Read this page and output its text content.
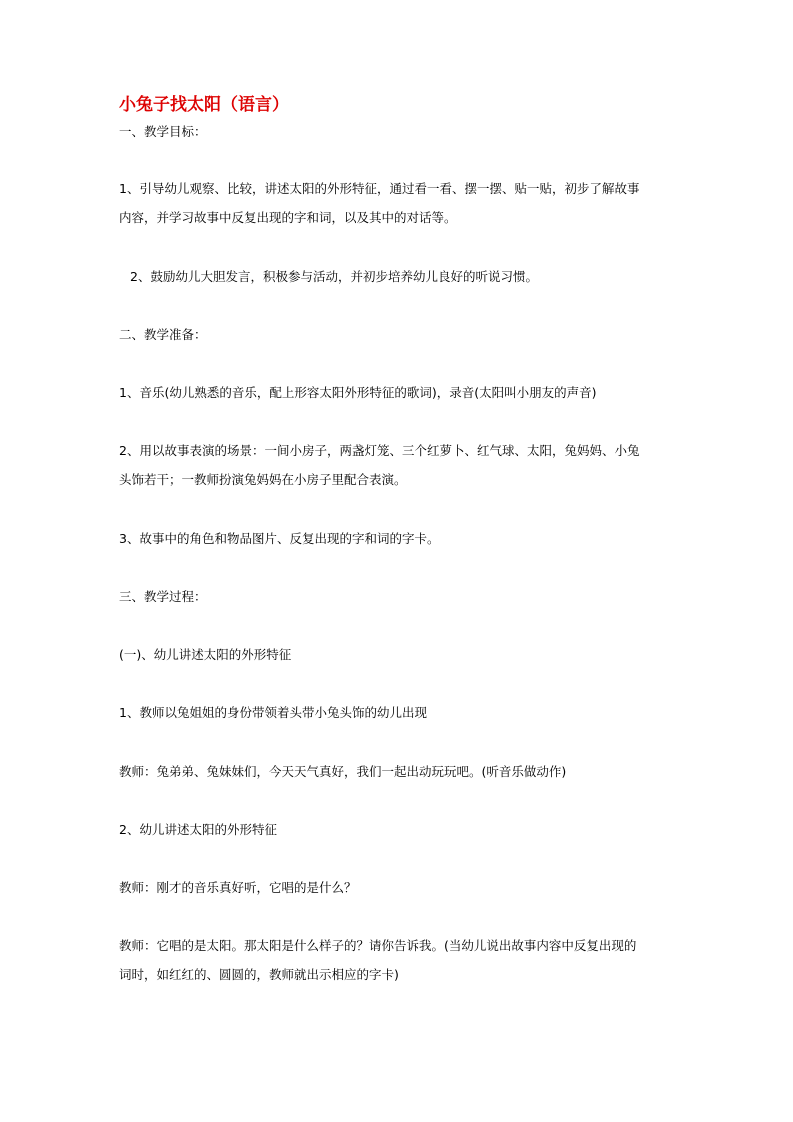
小兔子找太阳（语言）
一、教学目标：
1、引导幼儿观察、比较，讲述太阳的外形特征，通过看一看、摆一摆、贴一贴，初步了解故事
内容，并学习故事中反复出现的字和词，以及其中的对话等。
2、鼓励幼儿大胆发言，积极参与活动，并初步培养幼儿良好的听说习惯。
二、教学准备：
1、音乐(幼儿熟悉的音乐，配上形容太阳外形特征的歌词)，录音(太阳叫小朋友的声音)
2、用以故事表演的场景：一间小房子，两盏灯笼、三个红萝卜、红气球、太阳，兔妈妈、小兔
头饰若干；一教师扮演兔妈妈在小房子里配合表演。
3、故事中的角色和物品图片、反复出现的字和词的字卡。
三、教学过程：
(一)、幼儿讲述太阳的外形特征
1、教师以兔姐姐的身份带领着头带小兔头饰的幼儿出现
教师：兔弟弟、兔妹妹们，今天天气真好，我们一起出动玩玩吧。(听音乐做动作)
2、幼儿讲述太阳的外形特征
教师：刚才的音乐真好听，它唱的是什么？
教师：它唱的是太阳。那太阳是什么样子的？请你告诉我。(当幼儿说出故事内容中反复出现的
词时，如红红的、圆圆的，教师就出示相应的字卡)
